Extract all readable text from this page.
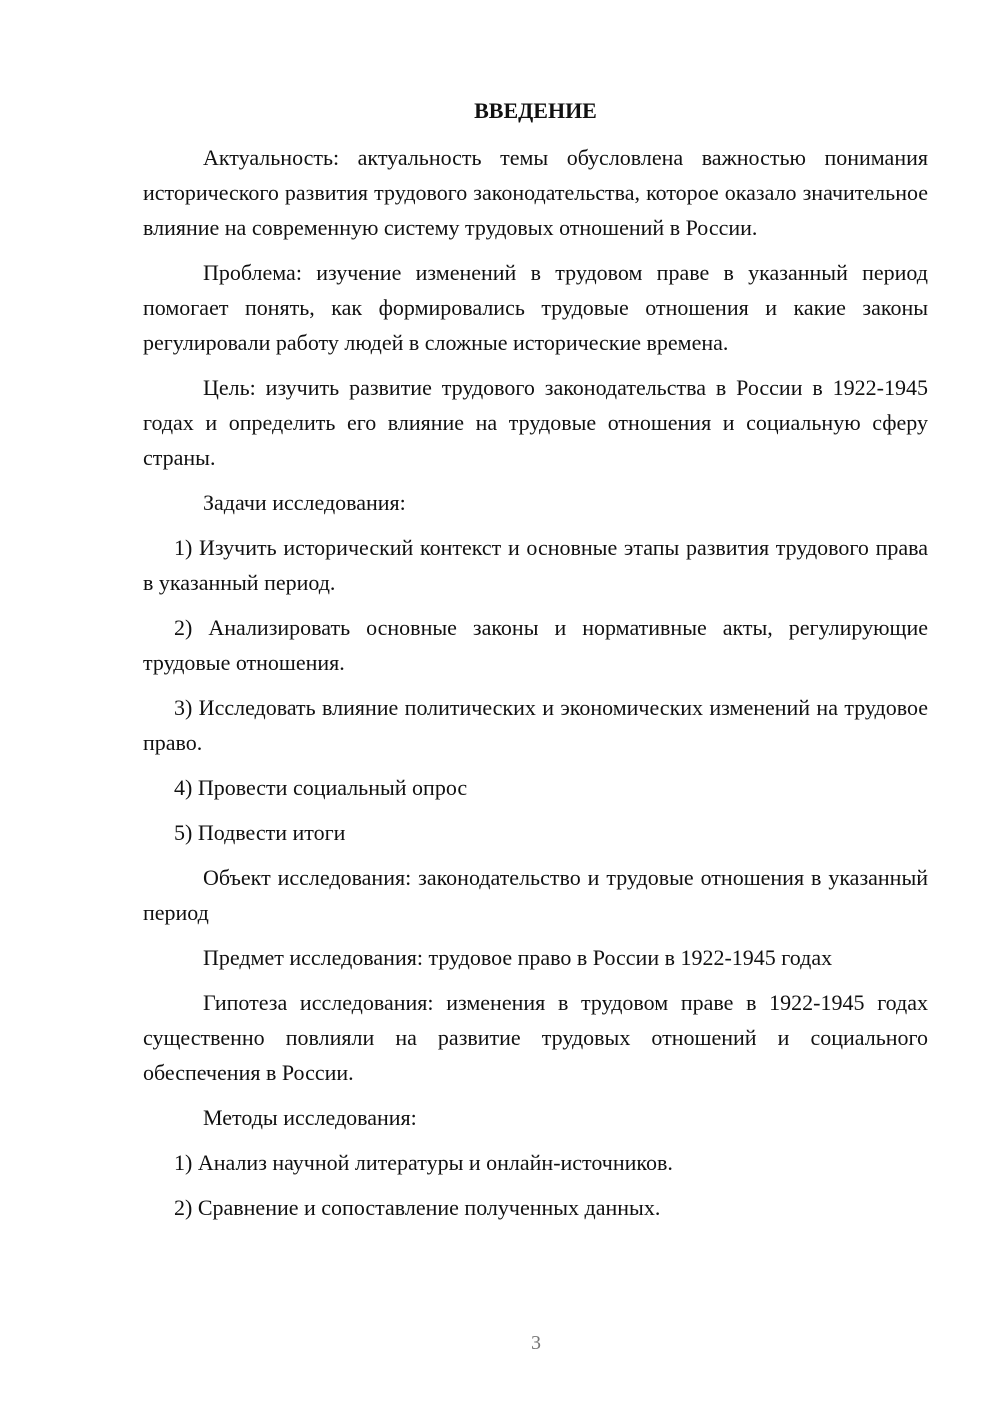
ВВЕДЕНИЕ

Актуальность: актуальность темы обусловлена важностью понимания исторического развития трудового законодательства, которое оказало значительное влияние на современную систему трудовых отношений в России.

Проблема: изучение изменений в трудовом праве в указанный период помогает понять, как формировались трудовые отношения и какие законы регулировали работу людей в сложные исторические времена.

Цель: изучить развитие трудового законодательства в России в 1922-1945 годах и определить его влияние на трудовые отношения и социальную сферу страны.

Задачи исследования:

1) Изучить исторический контекст и основные этапы развития трудового права в указанный период.

2) Анализировать основные законы и нормативные акты, регулирующие трудовые отношения.

3) Исследовать влияние политических и экономических изменений на трудовое право.

4) Провести социальный опрос

5) Подвести итоги

Объект исследования: законодательство и трудовые отношения в указанный период

Предмет исследования: трудовое право в России в 1922-1945 годах

Гипотеза исследования: изменения в трудовом праве в 1922-1945 годах существенно повлияли на развитие трудовых отношений и социального обеспечения в России.

Методы исследования:

1) Анализ научной литературы и онлайн-источников.

2) Сравнение и сопоставление полученных данных.

3
